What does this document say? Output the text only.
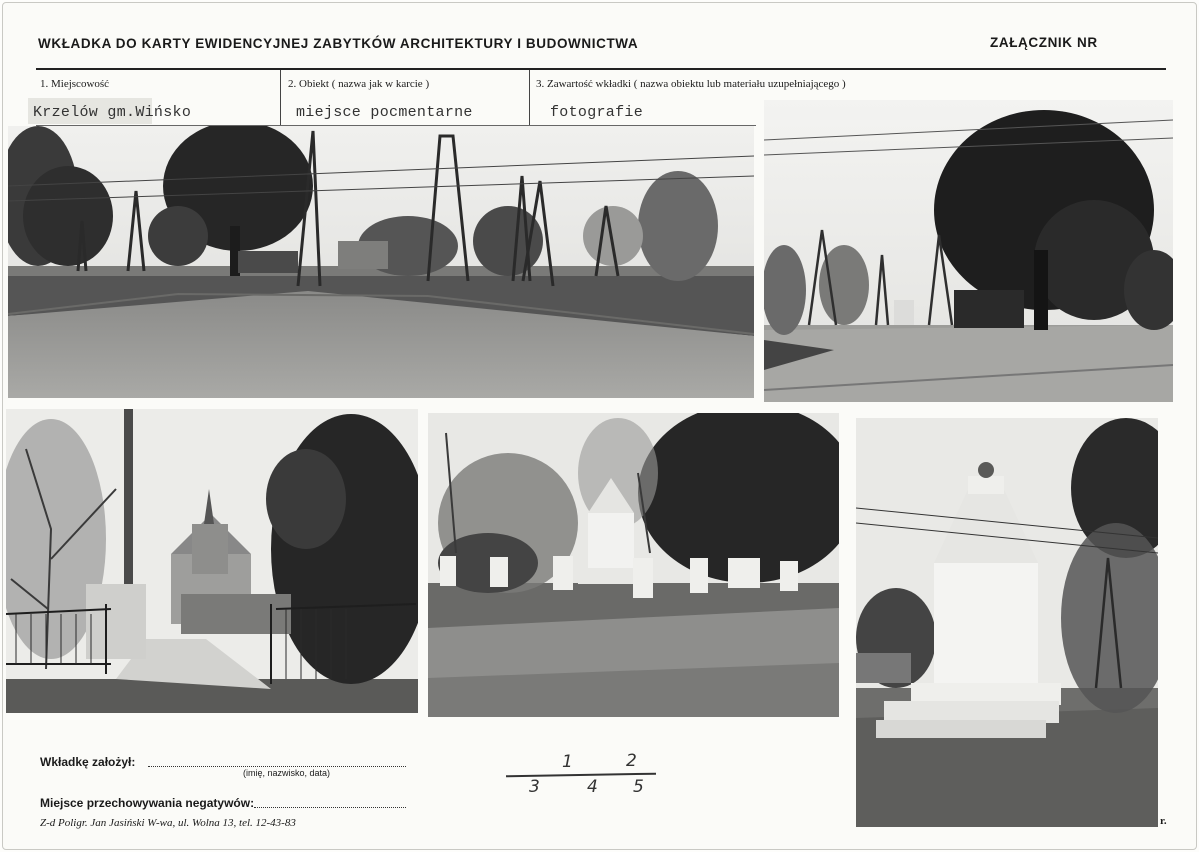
WKŁADKA DO KARTY EWIDENCYJNEJ ZABYTKÓW ARCHITEKTURY I BUDOWNICTWA	ZAŁĄCZNIK NR
1. Miejscowość	2. Obiekt ( nazwa jak w karcie )	3. Zawartość wkładki ( nazwa obiektu lub materiału uzupełniającego )
Krzelów gm.Wińsko	miejsce pocmentarne	fotografie
Wkładkę założył:
(imię, nazwisko, data)
Miejsce przechowywania negatywów:
Z-d Poligr. Jan Jasiński W-wa, ul. Wolna 13, tel. 12-43-83
1	2
3	4 5
r.
